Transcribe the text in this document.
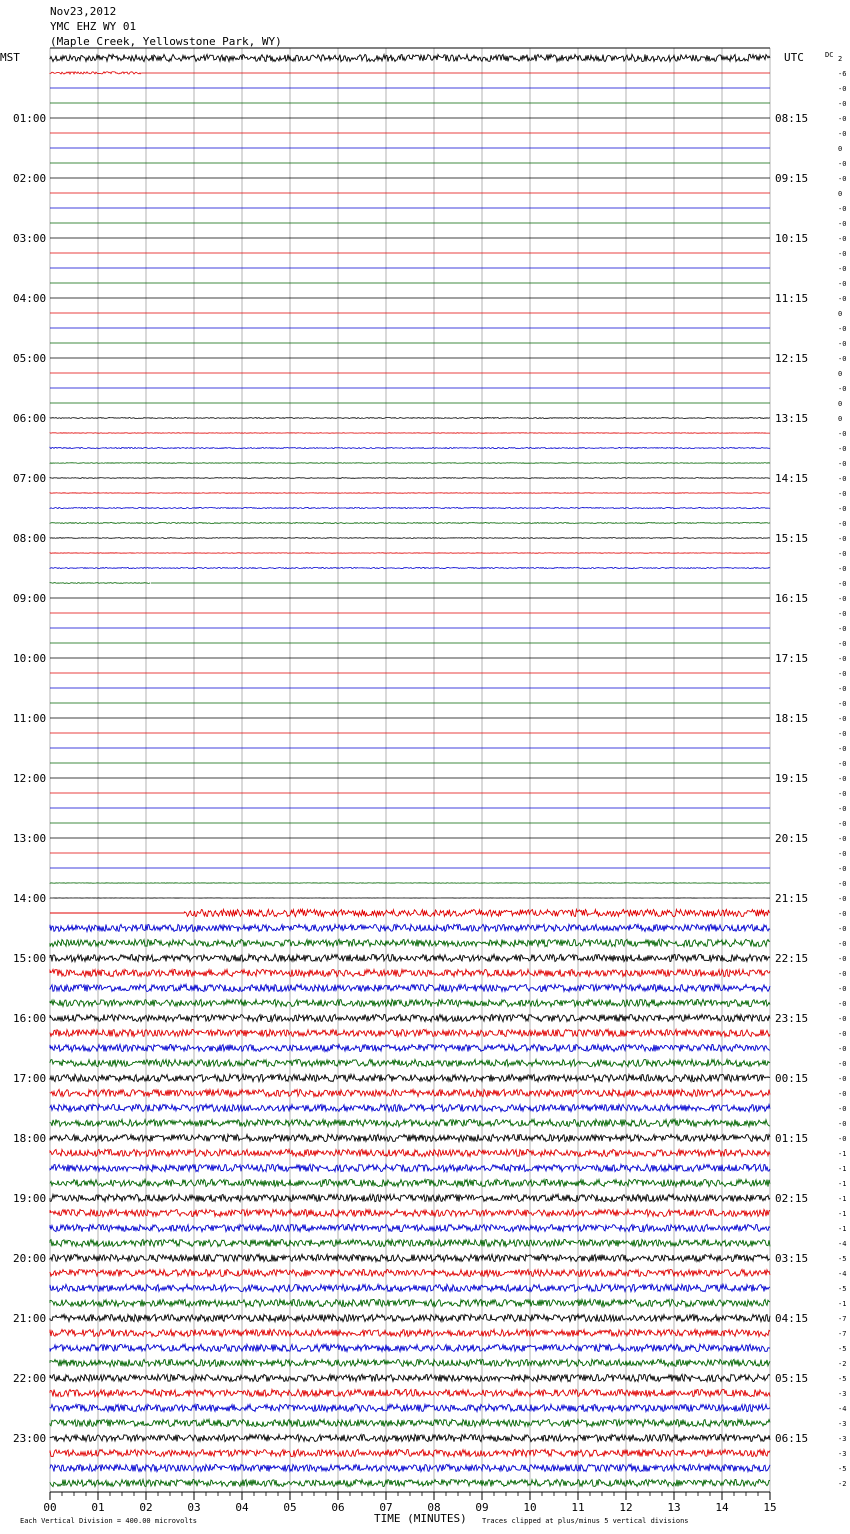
Nov23,2012
YMC EHZ WY 01
(Maple Creek, Yellowstone Park, WY)
2
-6
-0
-0
-0
-0
0
-0
-0
0
-0
-0
-0
-0
-0
-0
-0
0
-0
-0
-0
0
-0
0
0
-0
-0
-0
-0
-0
-0
-0
-0
-0
-0
-0
-0
-0
-0
-0
-0
-0
-0
-0
-0
-0
-0
-0
-0
-0
-0
-0
-0
-0
-0
-0
-0
-0
-0
-0
-0
-0
-0
-0
-0
-0
-0
-0
-0
-0
-0
-0
-0
-1
-1
-1
-1
-1
-1
-4
-5
-4
-5
-1
-7
-7
-5
-2
-5
-3
-4
-3
-3
-3
-5
-2
01:00
02:00
03:00
04:00
05:00
06:00
07:00
08:00
09:00
10:00
11:00
12:00
13:00
14:00
15:00
16:00
17:00
18:00
19:00
20:00
21:00
22:00
23:00
08:15
09:15
10:15
11:15
12:15
13:15
14:15
15:15
16:15
17:15
18:15
19:15
20:15
21:15
22:15
23:15
00:15
01:15
02:15
03:15
04:15
05:15
06:15
00	01	02	03	04	05	06	07	08	09	10	11	12	13	14	15
MST	UTC	DC
Each Vertical Division = 400.00 microvolts	TIME (MINUTES) Traces clipped at plus/minus 5 vertical divisions
